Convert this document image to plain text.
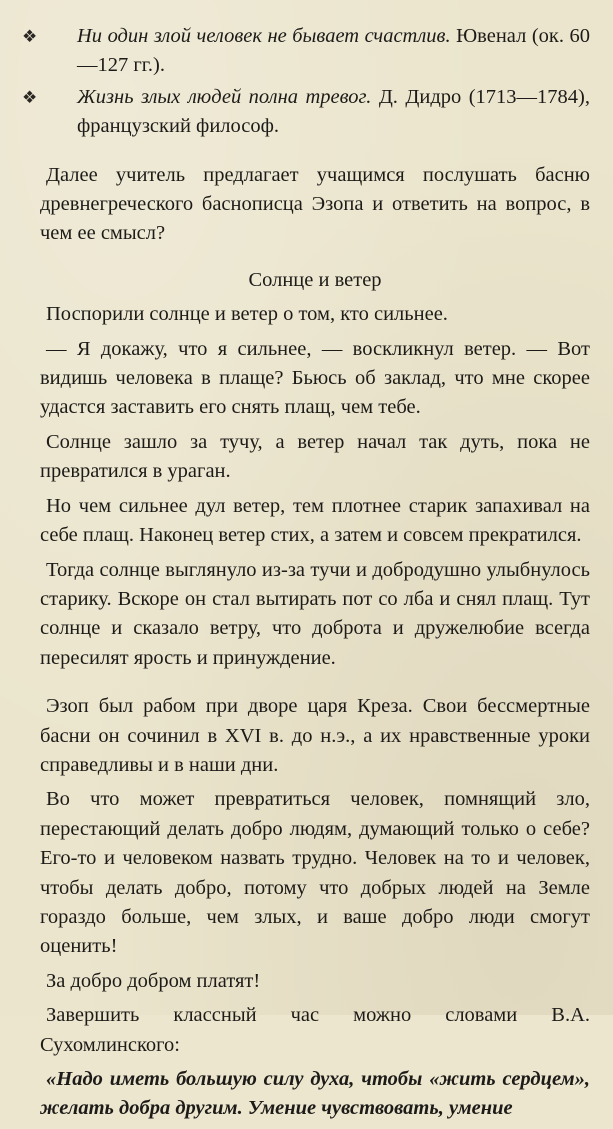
❖ Ни один злой человек не бывает счастлив. Ювенал (ок. 60—127 гг.).

❖ Жизнь злых людей полна тревог. Д. Дидро (1713—1784), французский философ.

Далее учитель предлагает учащимся послушать басню древнегреческого баснописца Эзопа и ответить на вопрос, в чем ее смысл?

Солнце и ветер

Поспорили солнце и ветер о том, кто сильнее.

— Я докажу, что я сильнее, — воскликнул ветер. — Вот видишь человека в плаще? Бьюсь об заклад, что мне скорее удастся заставить его снять плащ, чем тебе.

Солнце зашло за тучу, а ветер начал так дуть, пока не превратился в ураган.

Но чем сильнее дул ветер, тем плотнее старик запахивал на себе плащ. Наконец ветер стих, а затем и совсем прекратился.

Тогда солнце выглянуло из-за тучи и добродушно улыбнулось старику. Вскоре он стал вытирать пот со лба и снял плащ. Тут солнце и сказало ветру, что доброта и дружелюбие всегда пересилят ярость и принуждение.

Эзоп был рабом при дворе царя Креза. Свои бессмертные басни он сочинил в XVI в. до н.э., а их нравственные уроки справедливы и в наши дни.

Во что может превратиться человек, помнящий зло, перестающий делать добро людям, думающий только о себе? Его-то и человеком назвать трудно. Человек на то и человек, чтобы делать добро, потому что добрых людей на Земле гораздо больше, чем злых, и ваше добро люди смогут оценить!

За добро добром платят!

Завершить классный час можно словами В.А. Сухомлинского:

«Надо иметь большую силу духа, чтобы «жить сердцем», желать добра другим. Умение чувствовать, умение
